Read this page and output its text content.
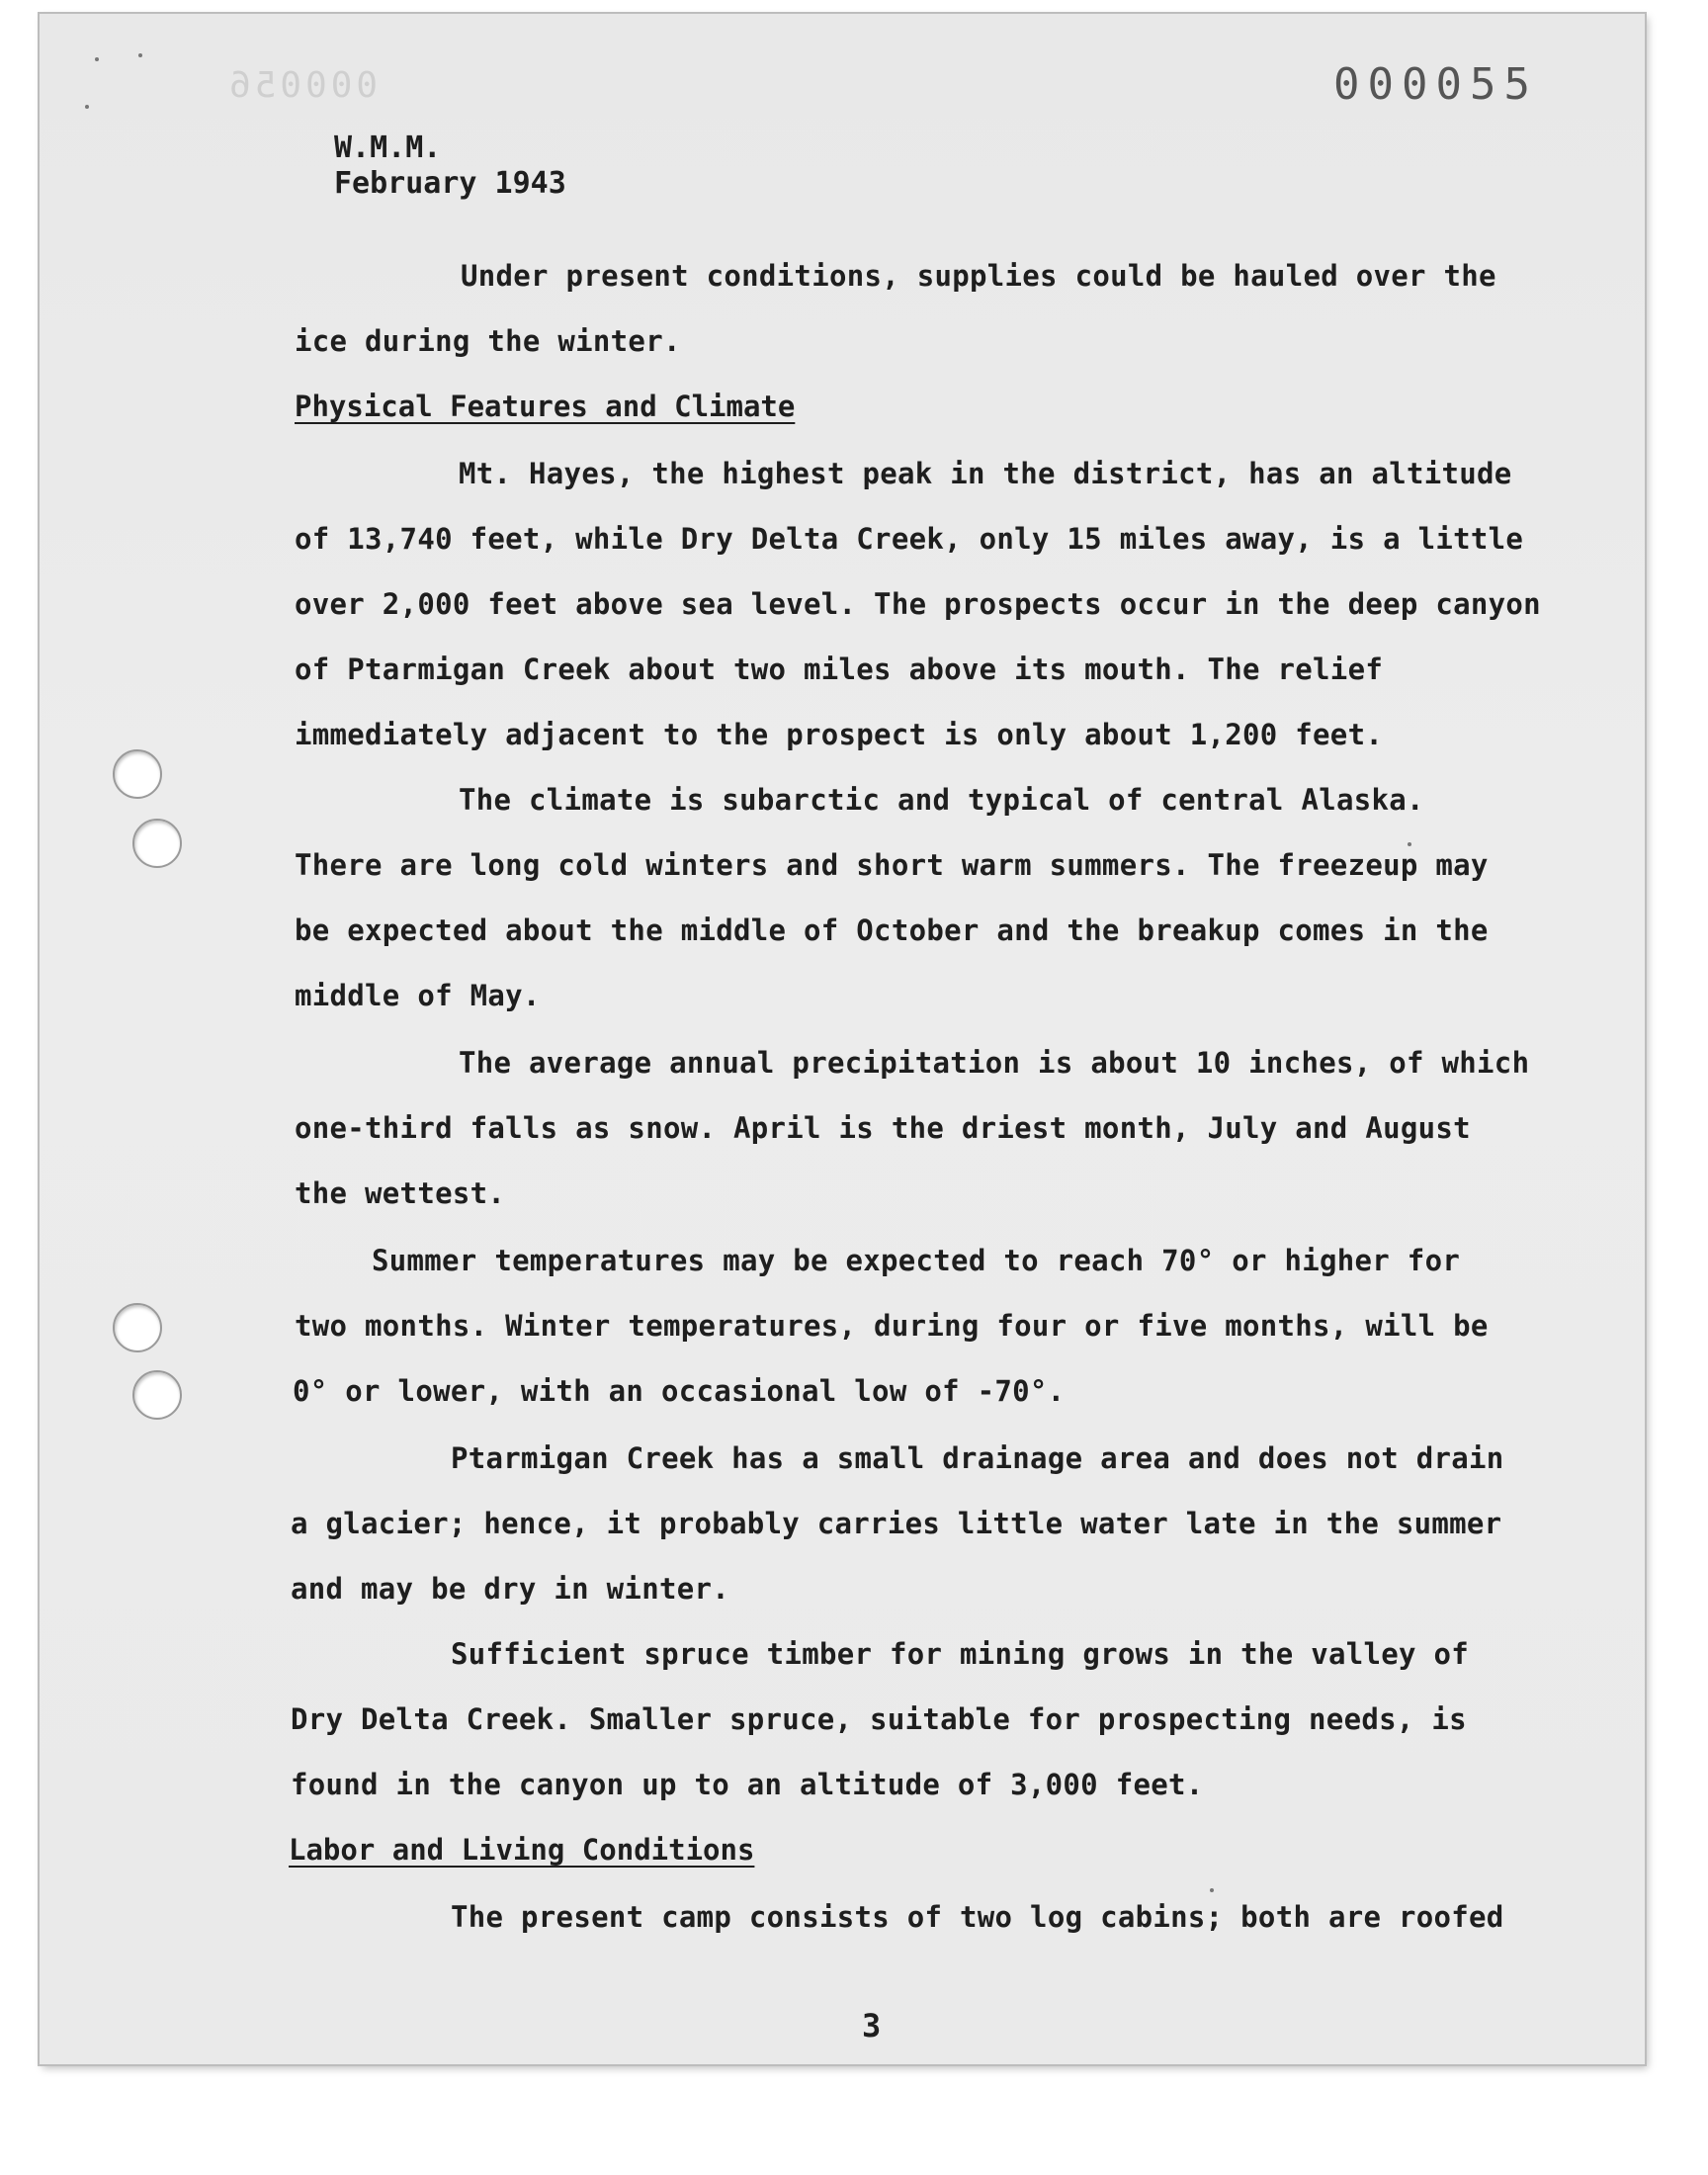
000056	000055
W.M.M.
February 1943
Under present conditions, supplies could be hauled over the
ice during the winter.
Physical Features and Climate
Mt. Hayes, the highest peak in the district, has an altitude
of 13,740 feet, while Dry Delta Creek, only 15 miles away, is a little
over 2,000 feet above sea level. The prospects occur in the deep canyon
of Ptarmigan Creek about two miles above its mouth. The relief
immediately adjacent to the prospect is only about 1,200 feet.
The climate is subarctic and typical of central Alaska.
There are long cold winters and short warm summers. The freezeup may
be expected about the middle of October and the breakup comes in the
middle of May.
The average annual precipitation is about 10 inches, of which
one-third falls as snow. April is the driest month, July and August
the wettest.
Summer temperatures may be expected to reach 70° or higher for
two months. Winter temperatures, during four or five months, will be
0° or lower, with an occasional low of -70°.
Ptarmigan Creek has a small drainage area and does not drain
a glacier; hence, it probably carries little water late in the summer
and may be dry in winter.
Sufficient spruce timber for mining grows in the valley of
Dry Delta Creek. Smaller spruce, suitable for prospecting needs, is
found in the canyon up to an altitude of 3,000 feet.
Labor and Living Conditions
The present camp consists of two log cabins; both are roofed
3
